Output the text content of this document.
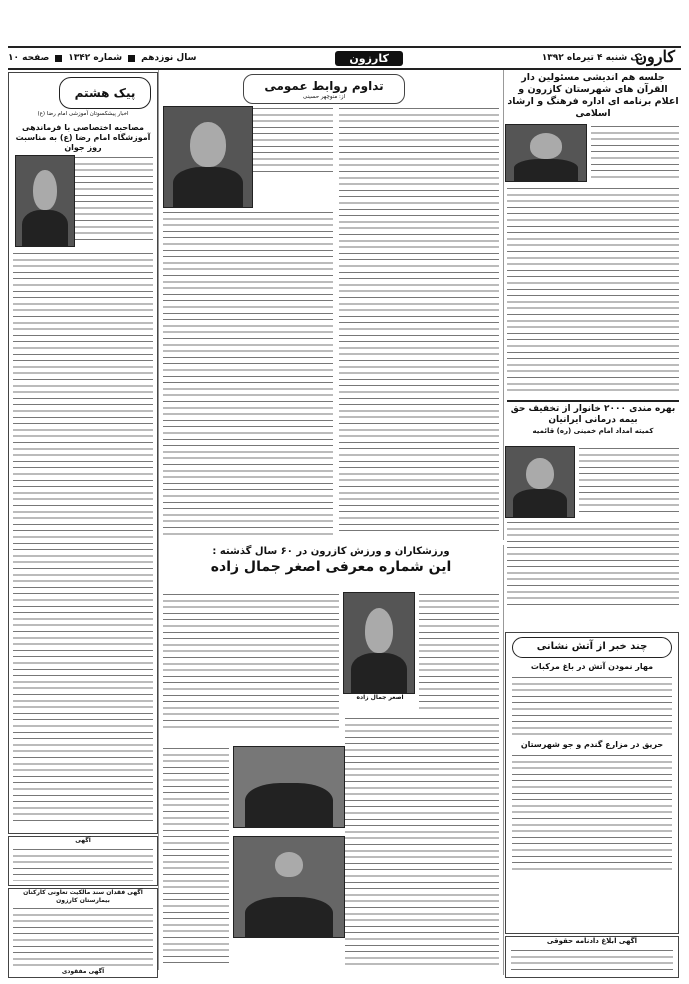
یک شنبه ۴ تیرماه ۱۳۹۲
کارزون
سال نوزدهم
شماره ۱۳۴۲
صفحه ۱۰	کارون
جلسه هم اندیشی مسئولین دار القرآن های شهرستان کازرون و اعلام برنامه ای اداره فرهنگ و ارشاد اسلامی
بهره مندی ۲۰۰۰ خانوار از تخفیف حق بیمه درمانی ایرانیان
کمیته امداد امام خمینی (ره) قائمیه
چند خبر از آتش نشانی
مهار نمودن آتش در باغ مرکبات
حریق در مزارع گندم و جو شهرستان
آگهی ابلاغ دادنامه حقوقی
تداوم روابط عمومی
از: منوچهر حسینی
ورزشکاران و ورزش کازرون در ۶۰ سال گذشته :
این شماره معرفی اصغر جمال زاده
اصغر جمال زاده
پیک هشتم
اخبار پیشکسوتان آموزشی امام رضا (ع)
مصاحبه اختصاصی با فرماندهی آموزشگاه امام رضا (ع) به مناسبت روز جوان
آگهی
آگهی فقدان سند مالکیت تعاونی کارکنان بیمارستان کارزون
آگهی مفقودی
